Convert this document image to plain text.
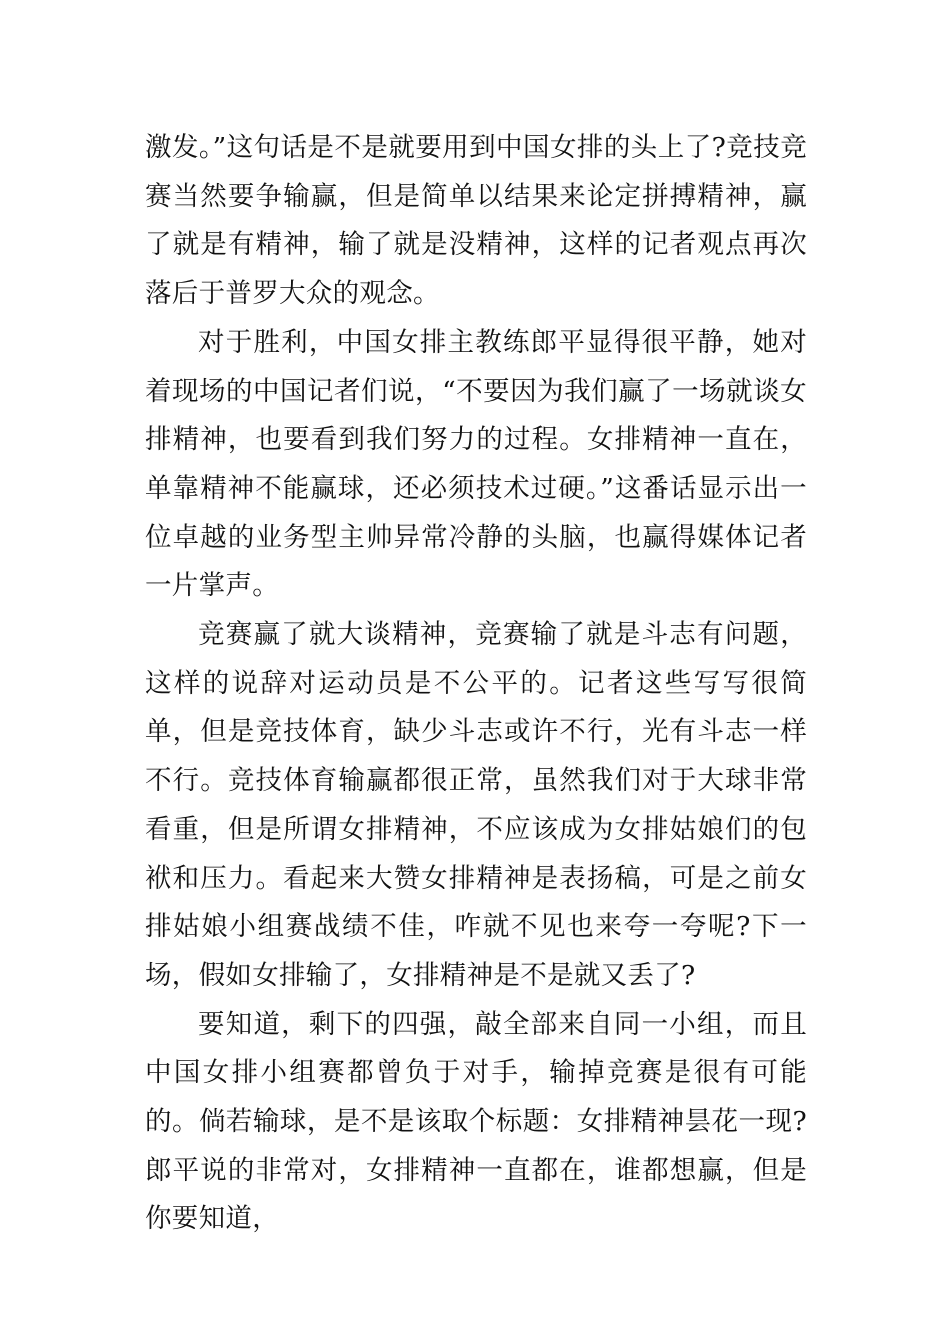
激发。”这句话是不是就要用到中国女排的头上了?竞技竞赛当然要争输赢，但是简单以结果来论定拼搏精神，赢了就是有精神，输了就是没精神，这样的记者观点再次落后于普罗大众的观念。

对于胜利，中国女排主教练郎平显得很平静，她对着现场的中国记者们说，“不要因为我们赢了一场就谈女排精神，也要看到我们努力的过程。女排精神一直在，单靠精神不能赢球，还必须技术过硬。”这番话显示出一位卓越的业务型主帅异常冷静的头脑，也赢得媒体记者一片掌声。

竞赛赢了就大谈精神，竞赛输了就是斗志有问题，这样的说辞对运动员是不公平的。记者这些写写很简单，但是竞技体育，缺少斗志或许不行，光有斗志一样不行。竞技体育输赢都很正常，虽然我们对于大球非常看重，但是所谓女排精神，不应该成为女排姑娘们的包袱和压力。看起来大赞女排精神是表扬稿，可是之前女排姑娘小组赛战绩不佳，咋就不见也来夸一夸呢?下一场，假如女排输了，女排精神是不是就又丢了?

要知道，剩下的四强，敲全部来自同一小组，而且中国女排小组赛都曾负于对手，输掉竞赛是很有可能的。倘若输球，是不是该取个标题：女排精神昙花一现?郎平说的非常对，女排精神一直都在，谁都想赢，但是你要知道，
